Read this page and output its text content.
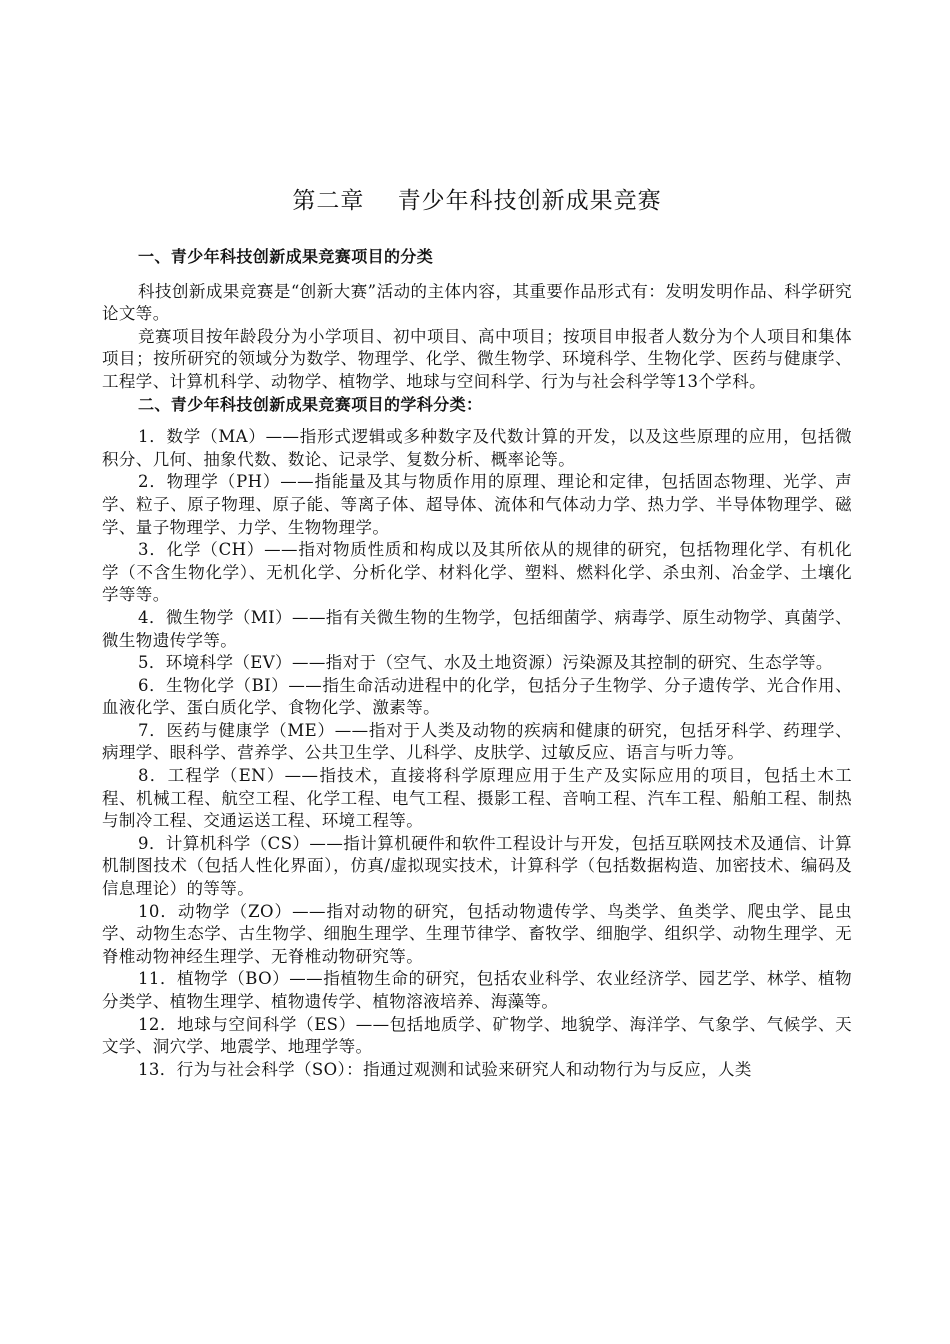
第二章    青少年科技创新成果竞赛

一、青少年科技创新成果竞赛项目的分类

科技创新成果竞赛是“创新大赛”活动的主体内容，其重要作品形式有：发明发明作品、科学研究论文等。

竞赛项目按年龄段分为小学项目、初中项目、高中项目；按项目申报者人数分为个人项目和集体项目；按所研究的领域分为数学、物理学、化学、微生物学、环境科学、生物化学、医药与健康学、工程学、计算机科学、动物学、植物学、地球与空间科学、行为与社会科学等13个学科。

二、青少年科技创新成果竞赛项目的学科分类：

1．数学（MA）——指形式逻辑或多种数字及代数计算的开发，以及这些原理的应用，包括微积分、几何、抽象代数、数论、记录学、复数分析、概率论等。

2．物理学（PH）——指能量及其与物质作用的原理、理论和定律，包括固态物理、光学、声学、粒子、原子物理、原子能、等离子体、超导体、流体和气体动力学、热力学、半导体物理学、磁学、量子物理学、力学、生物物理学。

3．化学（CH）——指对物质性质和构成以及其所依从的规律的研究，包括物理化学、有机化学（不含生物化学）、无机化学、分析化学、材料化学、塑料、燃料化学、杀虫剂、冶金学、土壤化学等等。

4．微生物学（MI）——指有关微生物的生物学，包括细菌学、病毒学、原生动物学、真菌学、微生物遗传学等。

5．环境科学（EV）——指对于（空气、水及土地资源）污染源及其控制的研究、生态学等。

6．生物化学（BI）——指生命活动进程中的化学，包括分子生物学、分子遗传学、光合作用、血液化学、蛋白质化学、食物化学、激素等。

7．医药与健康学（ME）——指对于人类及动物的疾病和健康的研究，包括牙科学、药理学、病理学、眼科学、营养学、公共卫生学、儿科学、皮肤学、过敏反应、语言与听力等。

8．工程学（EN）——指技术，直接将科学原理应用于生产及实际应用的项目，包括土木工程、机械工程、航空工程、化学工程、电气工程、摄影工程、音响工程、汽车工程、船舶工程、制热与制冷工程、交通运送工程、环境工程等。

9．计算机科学（CS）——指计算机硬件和软件工程设计与开发，包括互联网技术及通信、计算机制图技术（包括人性化界面），仿真/虚拟现实技术，计算科学（包括数据构造、加密技术、编码及信息理论）的等等。

10．动物学（ZO）——指对动物的研究，包括动物遗传学、鸟类学、鱼类学、爬虫学、昆虫学、动物生态学、古生物学、细胞生理学、生理节律学、畜牧学、细胞学、组织学、动物生理学、无脊椎动物神经生理学、无脊椎动物研究等。

11．植物学（BO）——指植物生命的研究，包括农业科学、农业经济学、园艺学、林学、植物分类学、植物生理学、植物遗传学、植物溶液培养、海藻等。

12．地球与空间科学（ES）——包括地质学、矿物学、地貌学、海洋学、气象学、气候学、天文学、洞穴学、地震学、地理学等。

13．行为与社会科学（SO）：指通过观测和试验来研究人和动物行为与反应，人类
